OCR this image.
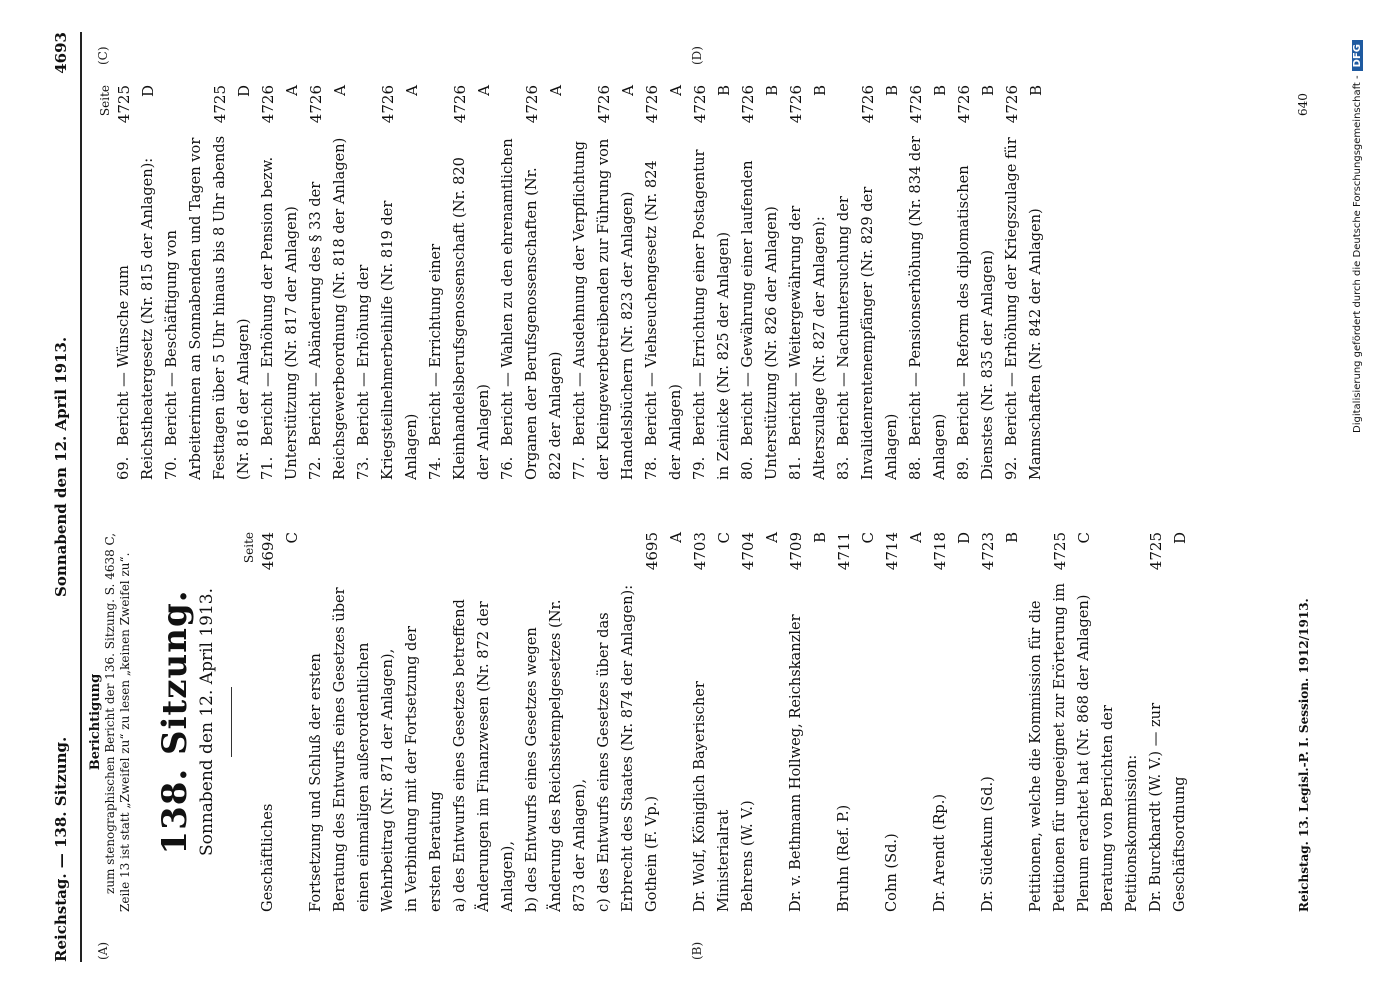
Reichstag. — 138. Sitzung.
Sonnabend den 12. April 1913.
4693
(A)	(B)
(C)	(D)
Berichtigung zum stenographischen Bericht der 136. Sitzung. S. 4638 C, Zeile 13 ist statt „Zweifel zu“ zu lesen „keinen Zweifel zu“. 138. Sitzung. Sonnabend den 12. April 1913.
Seite
Geschäftliches
4694 C
Fortsetzung und Schluß der ersten Beratung des Entwurfs eines Gesetzes über einen einmaligen außerordentlichen Wehrbeitrag (Nr. 871 der Anlagen), in Verbindung mit der Fortsetzung der ersten Beratung a) des Entwurfs eines Gesetzes betreffend Änderungen im Finanzwesen (Nr. 872 der Anlagen), b) des Entwurfs eines Gesetzes wegen Änderung des Reichsstempelgesetzes (Nr. 873 der Anlagen), c) des Entwurfs eines Gesetzes über das Erbrecht des Staates (Nr. 874 der Anlagen): Gothein (F. Vp.)
4695 A
Dr. Wolf, Königlich Bayerischer Ministerialrat
4703 C
Behrens (W. V.)
4704 A
Dr. v. Bethmann Hollweg, Reichskanzler
4709 B
Bruhn (Ref. P.)
4711 C
Cohn (Sd.)
4714 A
Dr. Arendt (Rp.)
4718 D
Dr. Südekum (Sd.)
4723 B
Petitionen, welche die Kommission für die Petitionen für ungeeignet zur Erörterung im Plenum erachtet hat (Nr. 868 der Anlagen)
4725 C
Beratung von Berichten der Petitionskommission: Dr. Burckhardt (W. V.) — zur Geschäftsordnung
4725 D
Seite
69.Bericht — Wünsche zum Reichstheatergesetz (Nr. 815 der Anlagen):
4725 D
70.Bericht — Beschäftigung von Arbeiterinnen an Sonnabenden und Tagen vor Festtagen über 5 Uhr hinaus bis 8 Uhr abends (Nr. 816 der Anlagen)
4725 D
71.Bericht — Erhöhung der Pension bezw. Unterstützung (Nr. 817 der Anlagen)
4726 A
72.Bericht — Abänderung des § 33 der Reichsgewerbeordnung (Nr. 818 der Anlagen)
4726 A
73.Bericht — Erhöhung der Kriegsteilnehmerbeihilfe (Nr. 819 der Anlagen)
4726 A
74.Bericht — Errichtung einer Kleinhandelsberufsgenossenschaft (Nr. 820 der Anlagen)
4726 A
76.Bericht — Wahlen zu den ehrenamtlichen Organen der Berufsgenossenschaften (Nr. 822 der Anlagen)
4726 A
77.Bericht — Ausdehnung der Verpflichtung der Kleingewerbetreibenden zur Führung von Handelsbüchern (Nr. 823 der Anlagen)
4726 A
78.Bericht — Viehseuchengesetz (Nr. 824 der Anlagen)
4726 A
79.Bericht — Errichtung einer Postagentur in Zeinicke (Nr. 825 der Anlagen)
4726 B
80.Bericht — Gewährung einer laufenden Unterstützung (Nr. 826 der Anlagen)
4726 B
81.Bericht — Weitergewährung der Alterszulage (Nr. 827 der Anlagen):
4726 B
83.Bericht — Nachuntersuchung der Invalidenrentenempfänger (Nr. 829 der Anlagen)
4726 B
88.Bericht — Pensionserhöhung (Nr. 834 der Anlagen)
4726 B
89.Bericht — Reform des diplomatischen Dienstes (Nr. 835 der Anlagen)
4726 B
92.Bericht — Erhöhung der Kriegszulage für Mannschaften (Nr. 842 der Anlagen)
4726 B
Reichstag. 13. Legisl.-P. I. Session. 1912/1913.
640	Digitalisierung gefördert durch die Deutsche Forschungsgemeinschaft -DFG
